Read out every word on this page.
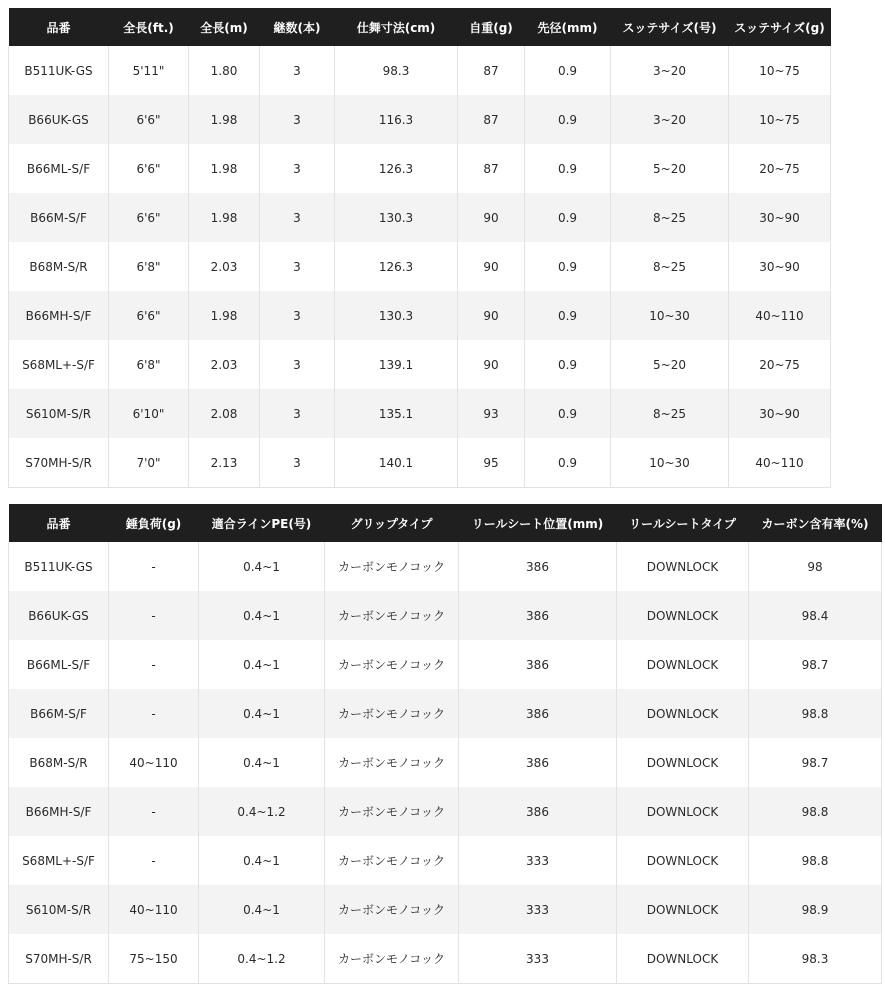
品番	全長(ft.)	全長(m)	継数(本)	仕舞寸法(cm)	自重(g)	先径(mm)	スッテサイズ(号)	スッテサイズ(g)
B511UK-GS	5'11"	1.80	3	98.3	87	0.9	3~20	10~75
B66UK-GS	6'6"	1.98	3	116.3	87	0.9	3~20	10~75
B66ML-S/F	6'6"	1.98	3	126.3	87	0.9	5~20	20~75
B66M-S/F	6'6"	1.98	3	130.3	90	0.9	8~25	30~90
B68M-S/R	6'8"	2.03	3	126.3	90	0.9	8~25	30~90
B66MH-S/F	6'6"	1.98	3	130.3	90	0.9	10~30	40~110
S68ML+-S/F	6'8"	2.03	3	139.1	90	0.9	5~20	20~75
S610M-S/R	6'10"	2.08	3	135.1	93	0.9	8~25	30~90
S70MH-S/R	7'0"	2.13	3	140.1	95	0.9	10~30	40~110
品番	錘負荷(g)	適合ラインPE(号)	グリップタイプ	リールシート位置(mm)	リールシートタイプ	カーボン含有率(%)
B511UK-GS	-	0.4~1	カーボンモノコック	386	DOWNLOCK	98
B66UK-GS	-	0.4~1	カーボンモノコック	386	DOWNLOCK	98.4
B66ML-S/F	-	0.4~1	カーボンモノコック	386	DOWNLOCK	98.7
B66M-S/F	-	0.4~1	カーボンモノコック	386	DOWNLOCK	98.8
B68M-S/R	40~110	0.4~1	カーボンモノコック	386	DOWNLOCK	98.7
B66MH-S/F	-	0.4~1.2	カーボンモノコック	386	DOWNLOCK	98.8
S68ML+-S/F	-	0.4~1	カーボンモノコック	333	DOWNLOCK	98.8
S610M-S/R	40~110	0.4~1	カーボンモノコック	333	DOWNLOCK	98.9
S70MH-S/R	75~150	0.4~1.2	カーボンモノコック	333	DOWNLOCK	98.3
